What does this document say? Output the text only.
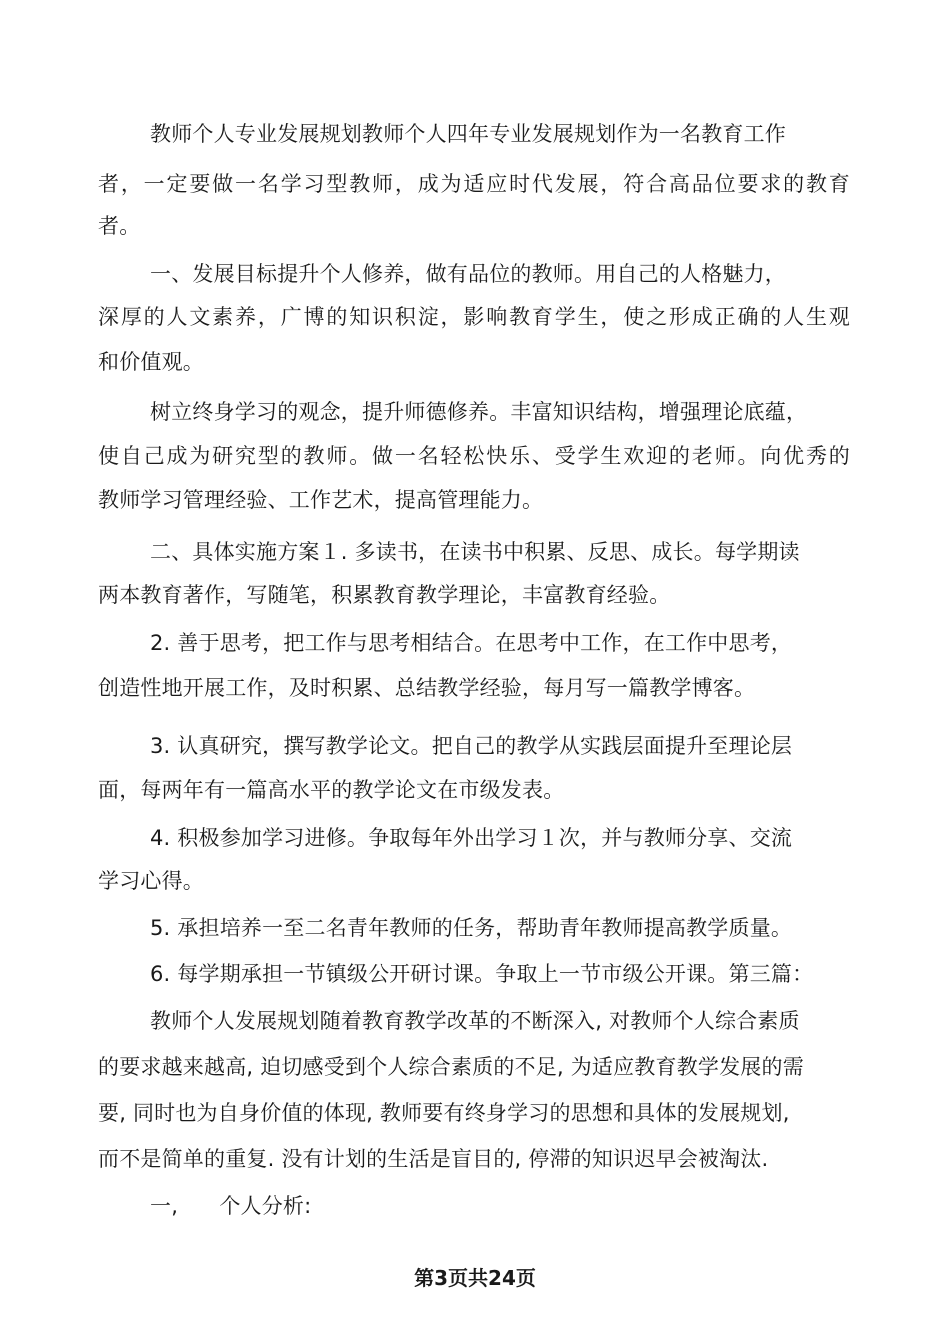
教师个人专业发展规划教师个人四年专业发展规划作为一名教育工作
者，一定要做一名学习型教师，成为适应时代发展，符合高品位要求的教育
者。
一、发展目标提升个人修养，做有品位的教师。用自己的人格魅力，
深厚的人文素养，广博的知识积淀，影响教育学生，使之形成正确的人生观
和价值观。
树立终身学习的观念，提升师德修养。丰富知识结构，增强理论底蕴，
使自己成为研究型的教师。做一名轻松快乐、受学生欢迎的老师。向优秀的
教师学习管理经验、工作艺术，提高管理能力。
二、具体实施方案１. 多读书，在读书中积累、反思、成长。每学期读
两本教育著作，写随笔，积累教育教学理论，丰富教育经验。
2. 善于思考，把工作与思考相结合。在思考中工作，在工作中思考，
创造性地开展工作，及时积累、总结教学经验，每月写一篇教学博客。
3. 认真研究，撰写教学论文。把自己的教学从实践层面提升至理论层
面，每两年有一篇高水平的教学论文在市级发表。
4. 积极参加学习进修。争取每年外出学习１次，并与教师分享、交流
学习心得。
5. 承担培养一至二名青年教师的任务，帮助青年教师提高教学质量。
6. 每学期承担一节镇级公开研讨课。争取上一节市级公开课。第三篇：
教师个人发展规划随着教育教学改革的不断深入, 对教师个人综合素质
的要求越来越高, 迫切感受到个人综合素质的不足, 为适应教育教学发展的需
要, 同时也为自身价值的体现, 教师要有终身学习的思想和具体的发展规划,
而不是简单的重复. 没有计划的生活是盲目的, 停滞的知识迟早会被淘汰.
一,      个人分析:
第3页共24页
